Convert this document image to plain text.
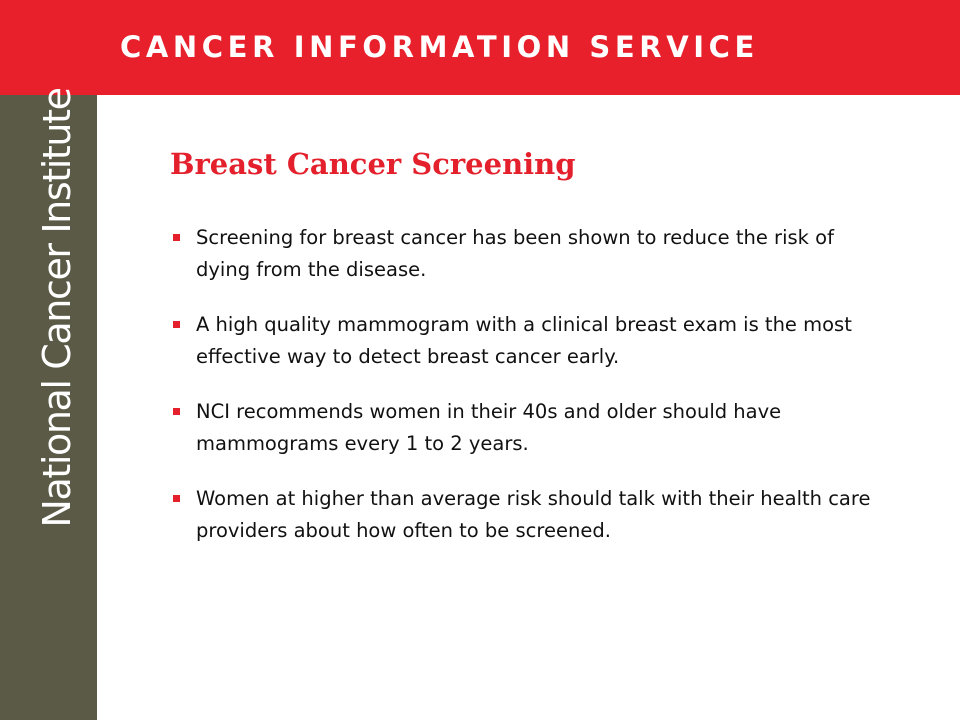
CANCER INFORMATION SERVICE
National Cancer Institute	Breast Cancer Screening
Screening for breast cancer has been shown to reduce the risk of dying from the disease.
A high quality mammogram with a clinical breast exam is the most effective way to detect breast cancer early.
NCI recommends women in their 40s and older should have mammograms every 1 to 2 years.
Women at higher than average risk should talk with their health care providers about how often to be screened.
